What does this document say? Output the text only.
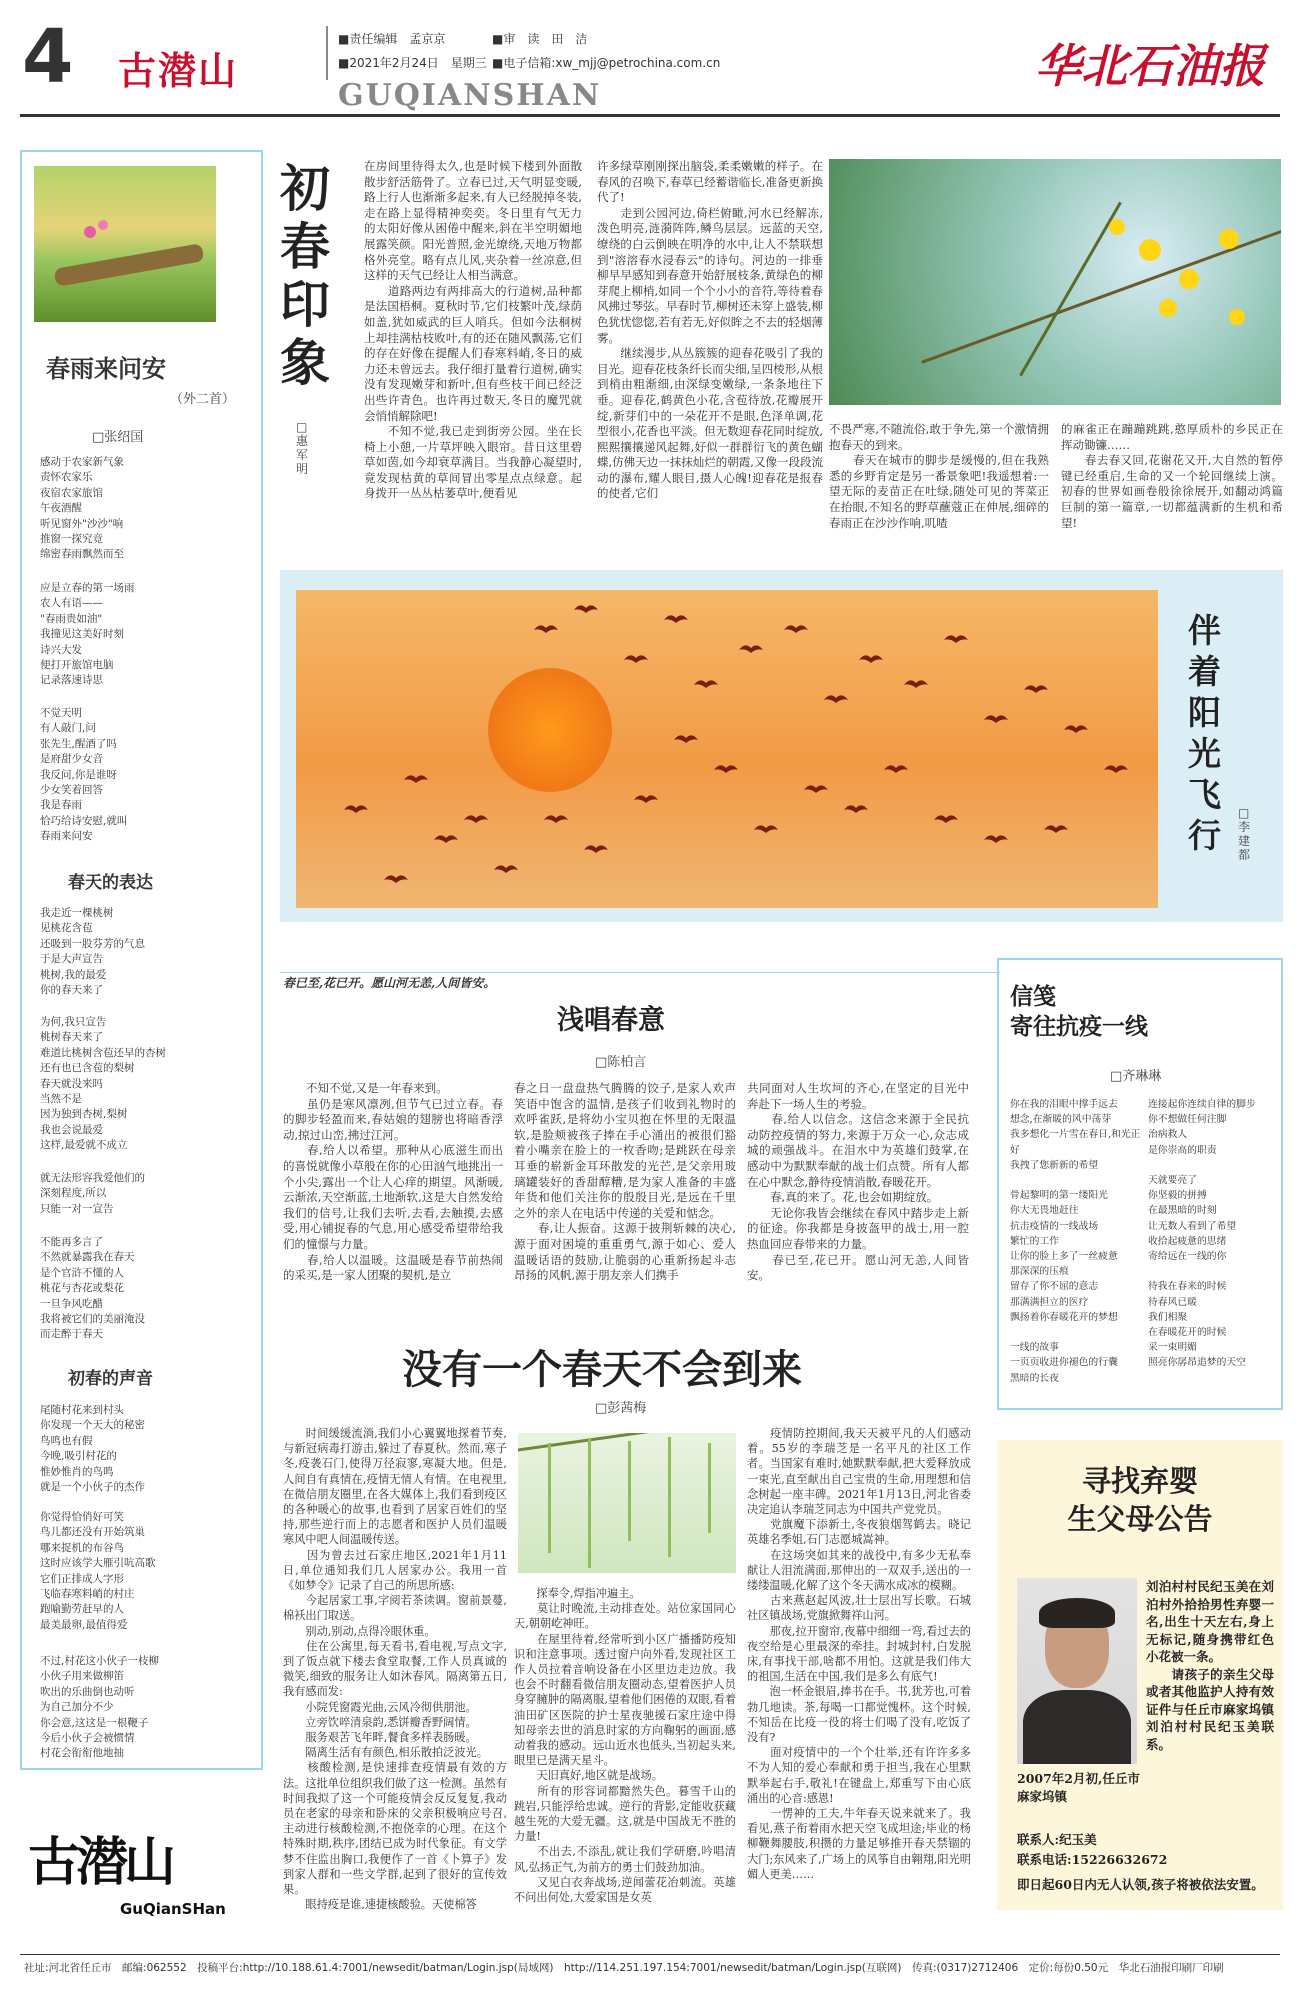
4 古潜山
■责任编辑　孟京京	■审　读　田　洁
■2021年2月24日　星期三 ■电子信箱:xw_mjj@petrochina.com.cn
GUQIANSHAN
华北石油报
春雨来问安
（外二首）
□张绍国
感动于农家新气象
责怀农家乐
夜宿农家旅馆
午夜酒醒
听见窗外"沙沙"响
推窗一探究竟
绵密春雨飘然而至
应是立春的第一场雨
农人有语——
"春雨贵如油"
我撞见这美好时刻
诗兴大发
便打开旅馆电脑
记录落速诗思
不觉天明
有人敲门,问
张先生,醒酒了吗
是府甜少女音
我反问,你是谁呀
少女笑着回答
我是春雨
恰巧给诗安慰,就叫
春雨来问安
春天的表达
我走近一棵桃树
见桃花含苞
还吸到一股芬芳的气息
于是大声宣告
桃树,我的最爱
你的春天来了
为何,我只宣告
桃树春天来了
难道比桃树含苞还早的杏树
还有也已含苞的梨树
春天就没来吗
当然不是
因为独到杏树,梨树
我也会说最爱
这样,最爱就不成立
就无法形容我爱他们的
深刻程度,所以
只能一对一宣告
不能再多言了
不然就暴露我在春天
是个官浒不懂的人
桃花与杏花或梨花
一旦争风吃醋
我将被它们的美丽淹没
而走醉于春天
初春的声音
尾随村花来到村头
你发现一个天大的秘密
鸟鸣也有假
今晚,吸引村花的
惟妙惟肖的鸟鸣
就是一个小伙子的杰作
你觉得恰俏好可笑
鸟儿都还没有开始筑巢
哪来捉机的布谷鸟
这时应该学大雁引吭高歌
它们正排成人字形
飞临春寒料峭的村庄
跑喻勤劳赶早的人
最美最卵,最值得爱
不过,村花这小伙子一枝柳
小伙子用来做柳笛
吹出的乐曲倒也动听
为自己加分不少
你会意,这这是一根鞭子
今后小伙子会被惯情
村花会衔衔他地抽
古潜山
GuQianSHan
初春印象
□惠军明
在房间里待得太久,也是时候下楼到外面散散步舒活筋骨了。立春已过,天气明显变暖,路上行人也渐渐多起来,有人已经脱掉冬装,走在路上显得精神奕奕。冬日里有气无力的太阳好像从困倦中醒来,斜在半空明媚地展露笑颜。阳光普照,金光缭绕,天地万物都格外亮堂。略有点儿风,夹杂着一丝凉意,但这样的天气已经让人相当满意。
　　道路两边有两排高大的行道树,品种都是法国梧桐。夏秋时节,它们枝繁叶茂,绿荫如盖,犹如威武的巨人哨兵。但如今法桐树上却挂满枯枝败叶,有的还在随风飘荡,它们的存在好像在提醒人们春寒料峭,冬日的威力还未曾远去。我仔细打量着行道树,确实没有发现嫩芽和新叶,但有些枝干间已经泛出些许青色。也许再过数天,冬日的魔咒就会悄悄解除吧!
　　不知不觉,我已走到街旁公园。坐在长椅上小憩,一片草坪映入眼帘。昔日这里碧草如茵,如今却衰草满目。当我静心凝望时,竟发现枯黄的草间冒出零星点点绿意。起身拨开一丛丛枯萎草叶,便看见
许多绿草刚刚探出脑袋,柔柔嫩嫩的样子。在春风的召唤下,春草已经蓄谐临长,准备更新换代了!
　　走到公园河边,倚栏俯瞰,河水已经解冻,泼色明亮,涟漪阵阵,鳞鸟层层。远蓝的天空,缭绕的白云倒映在明净的水中,让人不禁联想到"溶溶春水浸春云"的诗句。河边的一排垂柳早早感知到春意开始舒展枝条,黄绿色的柳芽爬上柳梢,如同一个个小小的音符,等待着春风拂过琴弦。早春时节,柳树还未穿上盛装,柳色犹忧惚惚,若有若无,好似眸之不去的轻烟薄雾。
　　继续漫步,从丛簇簇的迎春花吸引了我的目光。迎春花枝条纤长而尖细,呈四棱形,从根到梢由粗渐细,由深绿变嫩绿,一条条地往下垂。迎春花,鹤黄色小花,含苞待放,花瓣展开绽,新芽们中的一朵花开不是眼,色泽单调,花型很小,花香也平淡。但无数迎春花同时绽放,熙熙攘攘递风起舞,好似一群群衍飞的黄色蝴蝶,仿佛天边一抹抹灿烂的朝霞,又像一段段流动的瀑布,耀人眼目,摄人心魄!迎春花是报春的使者,它们
不畏严寒,不随流俗,敢于争先,第一个激情拥抱春天的到来。
　　春天在城市的脚步是缓慢的,但在我熟悉的乡野肯定是另一番景象吧!我遥想着:一望无际的麦苗正在吐绿,随处可见的荠菜正在抬眼,不知名的野草蘸蔻正在伸展,细碎的春雨正在沙沙作响,叽喳
的麻雀正在蹦蹦跳跳,憨厚质朴的乡民正在挥动锄镰……
　　春去春又回,花谢花又开,大自然的暂停键已经重启,生命的又一个轮回继续上演。初春的世界如画卷般徐徐展开,如翻动鸿篇巨制的第一篇章,一切都蕴满新的生机和希望!
伴着阳光飞行
□李建都
春已至,花已开。愿山河无恙,人间皆安。
浅唱春意
□陈柏言
　　不知不觉,又是一年春来到。
　　虽仍是寒风凛冽,但节气已过立春。春的脚步轻盈而来,春姑娘的翅膀也将暗香浮动,掠过山峦,拂过江河。
　　春,给人以希望。那种从心底滋生而出的喜悦就像小草般在你的心田汹气地挑出一个小尖,露出一个让人心痒的期望。风渐暖,云渐浓,天空渐蓝,土地渐软,这是大自然发给我们的信号,让我们去听,去看,去触摸,去感受,用心铺捉春的气息,用心感受希望带给我们的憧憬与力量。
　　春,给人以温暖。这温暖是春节前热闹的采买,是一家人团聚的契机,是立
春之日一盘盘热气腾腾的饺子,是家人欢声笑语中饱含的温情,是孩子们收到礼物时的欢呼雀跃,是将幼小宝贝抱在怀里的无限温软,是脸颊被孩子捧在手心涌出的被很们豁着小嘴亲在脸上的一枚香吻;是跳跃在母亲耳垂的崭新金耳环散发的光芒,是父亲用玻璃罐装好的香甜醇糟,是为家人准备的丰盛年货和他们关注你的殷殷目光,是远在千里之外的亲人在电话中传递的关爱和惦念。
　　春,让人振奋。这源于披荆斩棘的决心,源于面对困境的重重勇气,源于如心、爱人温暖话语的鼓励,让脆弱的心重新扬起斗志昂扬的风帆,源于朋友亲人们携手
共同面对人生坎坷的齐心,在坚定的目光中奔赴下一场人生的考验。
　　春,给人以信念。这信念来源于全民抗动防控疫情的努力,来源于万众一心,众志成城的顽强战斗。在泪水中为英雄们鼓掌,在感动中为默默奉献的战士们点赞。所有人都在心中默念,静待疫情消散,春暖花开。
　　春,真的来了。花,也会如期绽放。
　　无论你我皆会继续在春风中踏步走上新的征途。你我都是身披盔甲的战士,用一腔热血回应春带来的力量。
　　春已至,花已开。愿山河无恙,人间皆安。
信笺
寄往抗疫一线
□齐琳琳
你在我的泪眼中撑手远去
想念,在渐暖的风中荡芽
我多想化一片雪在春日,和光正好
我拽了您新新的希望

骨起黎明的第一缕阳光
你大无畏地赶往
抗击疫情的一线战场
繁忙的工作
让你的脸上多了一丝疲惫
那深深的压痕
留存了你不屈的意志
那满满担立的医疗
飘扬着你春暖花开的梦想

一线的故事
一页页收进你褪色的行囊
黑暗的长夜
连接起你连续自律的脚步
你不想做任何注脚
治病救人
是你崇高的职责

天就要亮了
你坚毅的拼搏
在最黑暗的时刻
让无数人看到了希望
收拾起疲惫的思绪
寄给远在一线的你

待我在春来的时候
待春风已暖
我们相聚
在春暖花开的时候
采一束明媚
照亮你孱昂追梦的天空
没有一个春天不会到来
□彭茜梅
　　时间缓缓流淌,我们小心翼翼地探着节奏,与新冠病毒打游击,躲过了春夏秋。然而,寒子冬,疫袭石门,使得万径寂寥,寒凝大地。但是,人间自有真情在,疫情无情人有情。在电视里,在微信朋友圈里,在各大媒体上,我们看到疫区的各种暖心的故事,也看到了居家百姓们的坚持,那些逆行而上的志愿者和医护人员们温暖寒风中吧人间温暖传送。
　　因为曾去过石家庄地区,2021年1月11日,单位通知我们几人居家办公。我用一首《如梦令》记录了自己的所思所感:
　　今起居家工事,字阅若茶读调。窗前景蔓,棉袄出门取送。
　　别动,别动,点得冷眼休重。
　　住在公寓里,每天看书,看电视,写点文字,到了饭点就下楼去食堂取餐,工作人员真诚的微笑,细致的服务让人如沐春风。隔离第五日,我有感而发:
　　小院凭窗霞光曲,云风冷彻供朋池。
　　立旁饮啐清泉韵,悉饼瓣香野阔情。
　　服务艰苦飞年畔,餐食多样表肠暖。
　　隔离生活有有颜色,相乐散拍泛波光。
　　核酸检测,是快速排查疫情最有效的方法。这批单位组织我们做了这一检测。虽然有时间我拟了这一个可能疫情会反反复复,我动员在老家的母亲和卧床的父亲积极响应号召,主动进行核酸检测,不抱侥幸的心理。在这个特殊时期,秩序,团结已成为时代象征。有文学梦不住监出胸口,我便作了一首《卜算子》发到家人群和一些文学群,起到了很好的宣传效果。
　　眼持疫是谁,速捷核酸验。天使棉答
　　探奉令,焊指冲遍主。
　　莫让时晚流,主动排查处。站位家国同心天,朝朝屹神旺。
　　在屋里待着,经常听到小区广播播防疫知识和注意事项。透过窗户向外看,发现社区工作人员拉着音响设备在小区里边走边放。我也会不时翻看微信朋友圈动态,望着医护人员身穿臃肿的隔离服,望着他们困倦的双眼,看着油田矿区医院的护士星夜驰援石家庄途中得知母亲去世的消息时家的方向鞠躬的画面,感动着我的感动。远山近水也低头,当初起头来,眼里已是满天星斗。
　　天旧真好,地区就是战场。
　　所有的形容词都黯然失色。暮雪千山的跳岩,只能浮给忠诚。逆行的背影,定能收获藏越生死的大爱无疆。这,就是中国战无不胜的力量!
　　不出去,不添乱,就让我们学研磨,吟唱清风,弘扬正气,为前方的勇士们鼓劲加油。
　　又见白衣奔战场,逆闻蕾花冶刺流。英雄不问出何处,大爱家国是女英
　　疫情防控期间,我天天被平凡的人们感动着。55岁的李瑞芝是一名平凡的社区工作者。当国家有难时,她默默奉献,把大爱释放成一束光,直至献出自己宝贵的生命,用理想和信念树起一座丰碑。2021年1月13日,河北省委决定追认李瑞芝同志为中国共产党党员。
　　党旗魔下添新土,冬夜狼烟驾鹤去。晓记英雄名季姐,石门志愿城嵩神。
　　在这场突如其来的战役中,有多少无私奉献让人泪流满面,那伸出的一双双手,送出的一缕缕温暖,化解了这个冬天满水成冰的模糊。
　　古来燕赵起风波,壮士层出写长歌。石城社区镇战场,党旗掀舞祥山河。
　　那夜,拉开窗帘,夜幕中细细一弯,看过去的夜空给是心里最深的牵挂。封城封村,白发脱床,有事找干部,啥都不用怕。这就是我们伟大的祖国,生活在中国,我们是多么有底气!
　　泡一杯金银眉,捧书在手。书,犹芳也,可着勃几地读。茶,每喝一口都觉愧杯。这个时候,不知岳在比疫一役的将士们喝了没有,吃饭了没有?
　　面对疫情中的一个个壮举,还有许许多多不为人知的爱心奉献和勇于担当,我在心里默默举起右手,敬礼!在键盘上,郑重写下由心底涌出的心音:感恩!
　　一愣神的工夫,牛年春天说来就来了。我看见,燕子衔着雨水把天空飞成坦途;毕业的杨柳鞭舞腰肢,积攒的力量足够推开春天禁锢的大门;东风来了,广场上的风筝自由翱翔,阳光明媚人更美……
寻找弃婴
生父母公告
刘泊村村民纪玉美在刘泊村外拾拾男性弃婴一名,出生十天左右,身上无标记,随身携带红色小花被一条。
　　请孩子的亲生父母或者其他监护人持有效证件与任丘市麻家坞镇刘泊村村民纪玉美联系。
2007年2月初,任丘市麻家坞镇
联系人:纪玉美
联系电话:15226632672
即日起60日内无人认领,孩子将被依法安置。
社址:河北省任丘市　邮编:062552　投稿平台:http://10.188.61.4:7001/newsedit/batman/Login.jsp(局域网)　http://114.251.197.154:7001/newsedit/batman/Login.jsp(互联网)　传真:(0317)2712406　定价:每份0.50元　华北石油报印刷厂印刷
